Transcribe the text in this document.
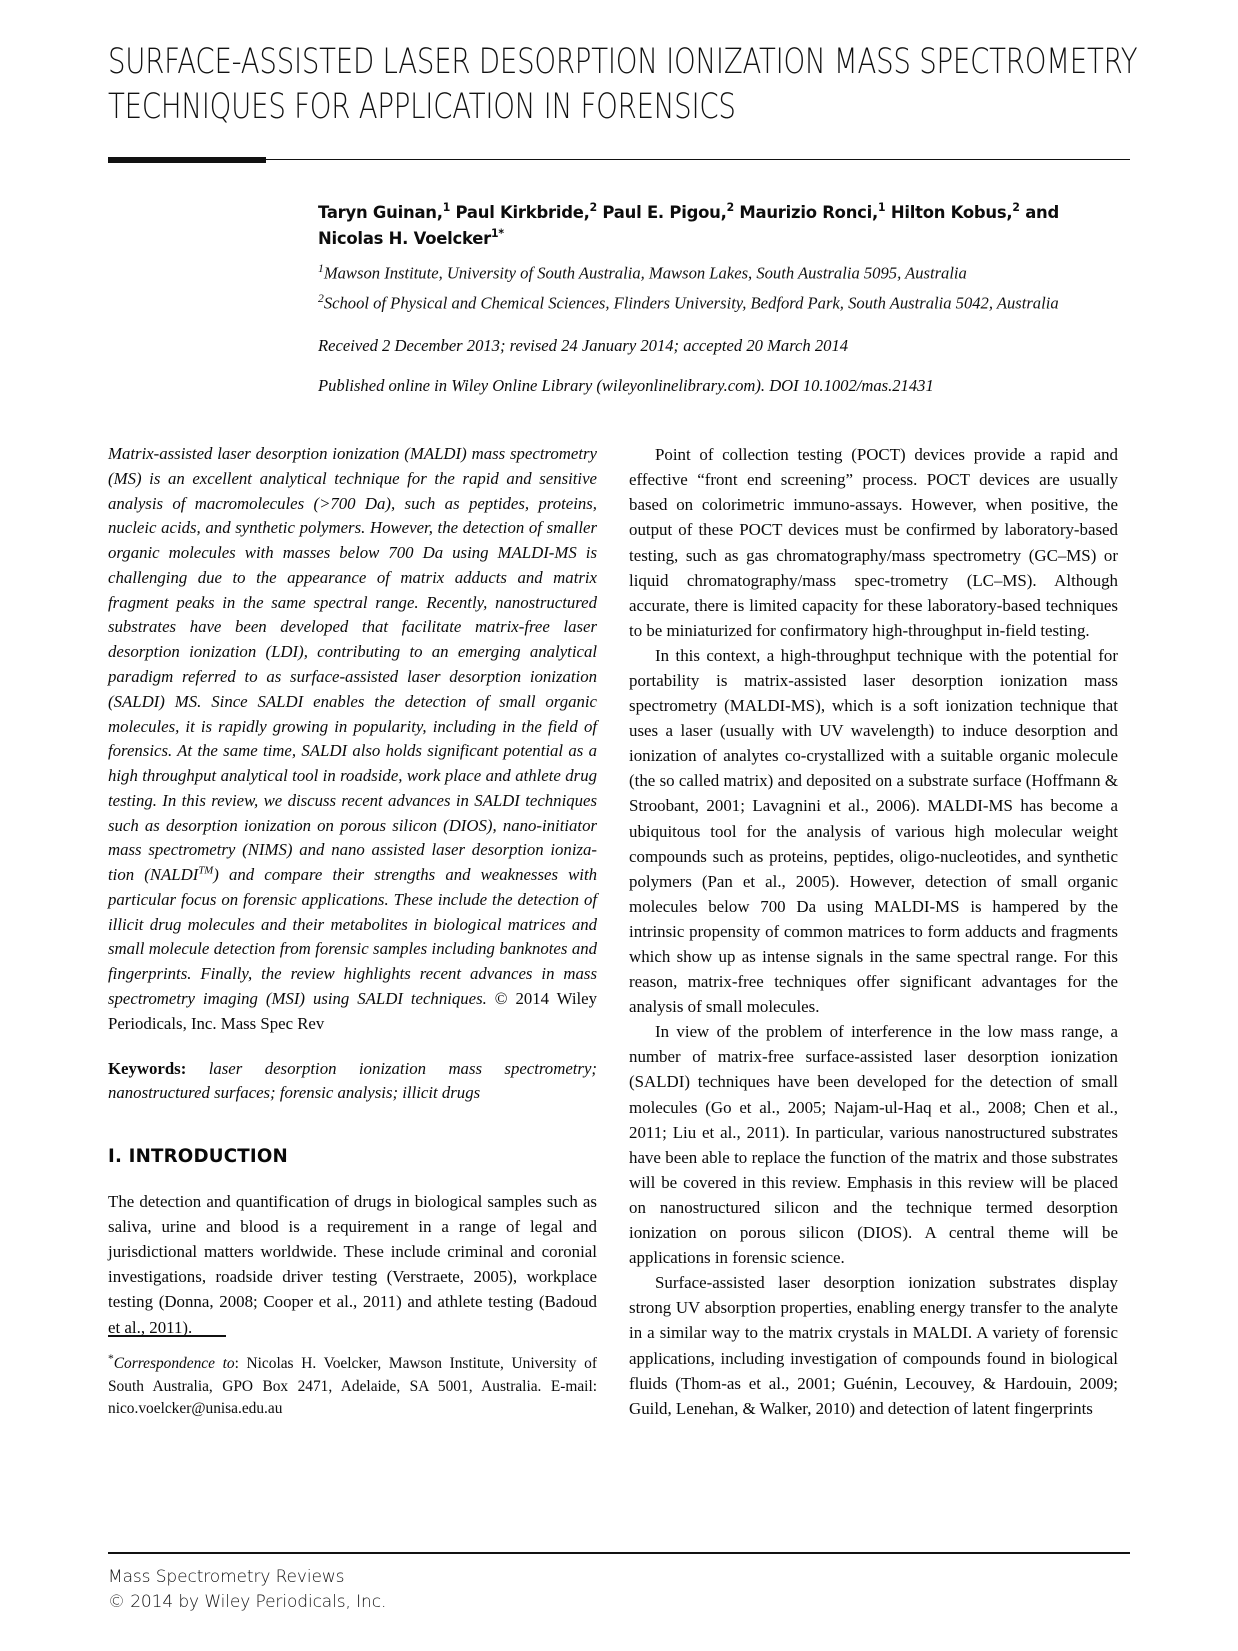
SURFACE-ASSISTED LASER DESORPTION IONIZATION MASS SPECTROMETRY TECHNIQUES FOR APPLICATION IN FORENSICS
Taryn Guinan,$^1$ Paul Kirkbride,$^2$ Paul E. Pigou,$^2$ Maurizio Ronci,$^1$ Hilton Kobus,$^2$ and Nicolas H. Voelcker$^{1*}$
$^1$Mawson Institute, University of South Australia, Mawson Lakes, South Australia 5095, Australia
$^2$School of Physical and Chemical Sciences, Flinders University, Bedford Park, South Australia 5042, Australia
Received 2 December 2013; revised 24 January 2014; accepted 20 March 2014
Published online in Wiley Online Library (wileyonlinelibrary.com). DOI 10.1002/mas.21431

Matrix-assisted laser desorption ionization (MALDI) mass spectrometry (MS) is an excellent analytical technique for the rapid and sensitive analysis of macromolecules (>700 Da), such as peptides, proteins, nucleic acids, and synthetic polymers. However, the detection of smaller organic molecules with masses below 700 Da using MALDI-MS is challenging due to the appearance of matrix adducts and matrix fragment peaks in the same spectral range. Recently, nanostructured substrates have been developed that facilitate matrix-free laser desorption ionization (LDI), contributing to an emerging analytical paradigm referred to as surface-assisted laser desorption ionization (SALDI) MS. Since SALDI enables the detection of small organic molecules, it is rapidly growing in popularity, including in the field of forensics. At the same time, SALDI also holds significant potential as a high throughput analytical tool in roadside, work place and athlete drug testing. In this review, we discuss recent advances in SALDI techniques such as desorption ionization on porous silicon (DIOS), nano-initiator mass spectrometry (NIMS) and nano assisted laser desorption ioniza-tion (NALDI™) and compare their strengths and weaknesses with particular focus on forensic applications. These include the detection of illicit drug molecules and their metabolites in biological matrices and small molecule detection from forensic samples including banknotes and fingerprints. Finally, the review highlights recent advances in mass spectrometry imaging (MSI) using SALDI techniques. © 2014 Wiley Periodicals, Inc. Mass Spec Rev

Keywords: laser desorption ionization mass spectrometry; nanostructured surfaces; forensic analysis; illicit drugs

I. INTRODUCTION

The detection and quantification of drugs in biological samples such as saliva, urine and blood is a requirement in a range of legal and jurisdictional matters worldwide. These include criminal and coronial investigations, roadside driver testing (Verstraete, 2005), workplace testing (Donna, 2008; Cooper et al., 2011) and athlete testing (Badoud et al., 2011).

*Correspondence to: Nicolas H. Voelcker, Mawson Institute, University of South Australia, GPO Box 2471, Adelaide, SA 5001, Australia. E-mail: nico.voelcker@unisa.edu.au

Point of collection testing (POCT) devices provide a rapid and effective “front end screening” process. POCT devices are usually based on colorimetric immuno-assays. However, when positive, the output of these POCT devices must be confirmed by laboratory-based testing, such as gas chromatography/mass spectrometry (GC–MS) or liquid chromatography/mass spec-trometry (LC–MS). Although accurate, there is limited capacity for these laboratory-based techniques to be miniaturized for confirmatory high-throughput in-field testing.

In this context, a high-throughput technique with the potential for portability is matrix-assisted laser desorption ionization mass spectrometry (MALDI-MS), which is a soft ionization technique that uses a laser (usually with UV wavelength) to induce desorption and ionization of analytes co-crystallized with a suitable organic molecule (the so called matrix) and deposited on a substrate surface (Hoffmann & Stroobant, 2001; Lavagnini et al., 2006). MALDI-MS has become a ubiquitous tool for the analysis of various high molecular weight compounds such as proteins, peptides, oligo-nucleotides, and synthetic polymers (Pan et al., 2005). However, detection of small organic molecules below 700 Da using MALDI-MS is hampered by the intrinsic propensity of common matrices to form adducts and fragments which show up as intense signals in the same spectral range. For this reason, matrix-free techniques offer significant advantages for the analysis of small molecules.

In view of the problem of interference in the low mass range, a number of matrix-free surface-assisted laser desorption ionization (SALDI) techniques have been developed for the detection of small molecules (Go et al., 2005; Najam-ul-Haq et al., 2008; Chen et al., 2011; Liu et al., 2011). In particular, various nanostructured substrates have been able to replace the function of the matrix and those substrates will be covered in this review. Emphasis in this review will be placed on nanostructured silicon and the technique termed desorption ionization on porous silicon (DIOS). A central theme will be applications in forensic science.

Surface-assisted laser desorption ionization substrates display strong UV absorption properties, enabling energy transfer to the analyte in a similar way to the matrix crystals in MALDI. A variety of forensic applications, including investigation of compounds found in biological fluids (Thom-as et al., 2001; Guénin, Lecouvey, & Hardouin, 2009; Guild, Lenehan, & Walker, 2010) and detection of latent fingerprints

Mass Spectrometry Reviews
© 2014 by Wiley Periodicals, Inc.
